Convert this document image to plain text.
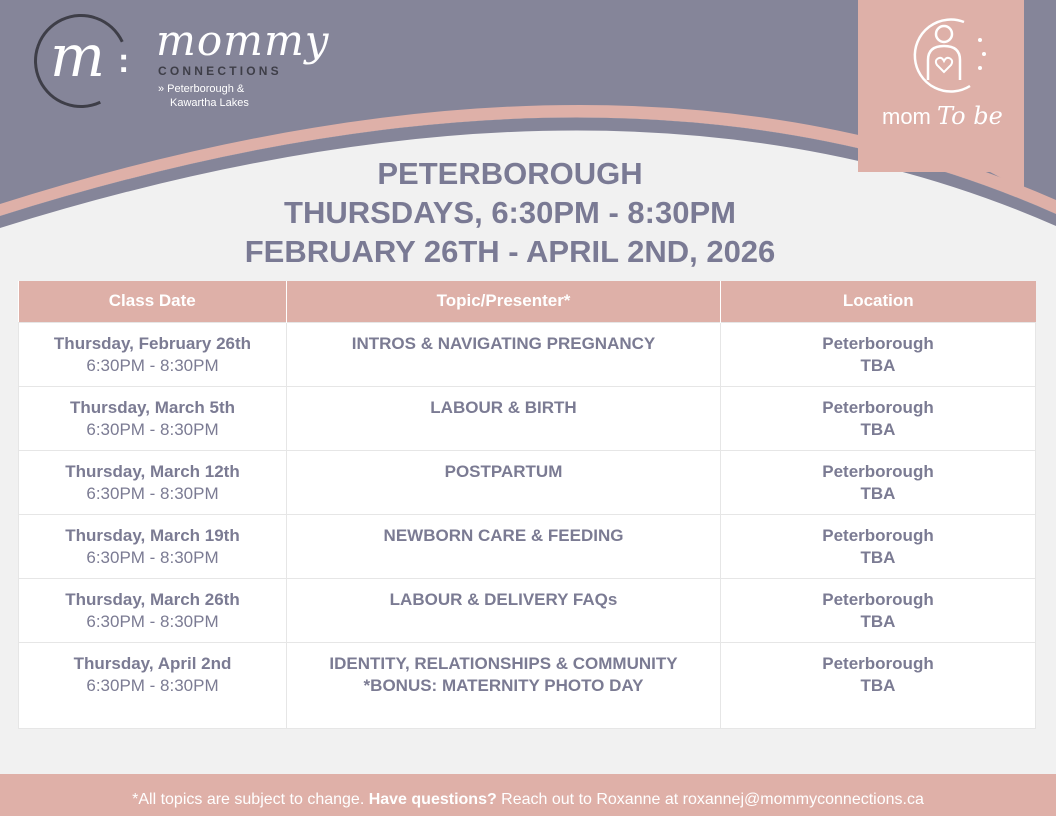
m : mommy
CONNECTIONS
» Peterborough &
Kawartha Lakes
mom To be
PETERBOROUGH
THURSDAYS, 6:30PM - 8:30PM
FEBRUARY 26TH - APRIL 2ND, 2026
Class Date	Topic/Presenter*	Location

Thursday, February 26th
6:30PM - 8:30PM	INTROS & NAVIGATING PREGNANCY	Peterborough
TBA

Thursday, March 5th
6:30PM - 8:30PM	LABOUR & BIRTH	Peterborough
TBA

Thursday, March 12th
6:30PM - 8:30PM	POSTPARTUM	Peterborough
TBA

Thursday, March 19th
6:30PM - 8:30PM	NEWBORN CARE & FEEDING	Peterborough
TBA

Thursday, March 26th
6:30PM - 8:30PM	LABOUR & DELIVERY FAQs	Peterborough
TBA

Thursday, April 2nd
6:30PM - 8:30PM	IDENTITY, RELATIONSHIPS & COMMUNITY
*BONUS: MATERNITY PHOTO DAY	Peterborough
TBA
*All topics are subject to change. Have questions? Reach out to Roxanne at roxannej@mommyconnections.ca
